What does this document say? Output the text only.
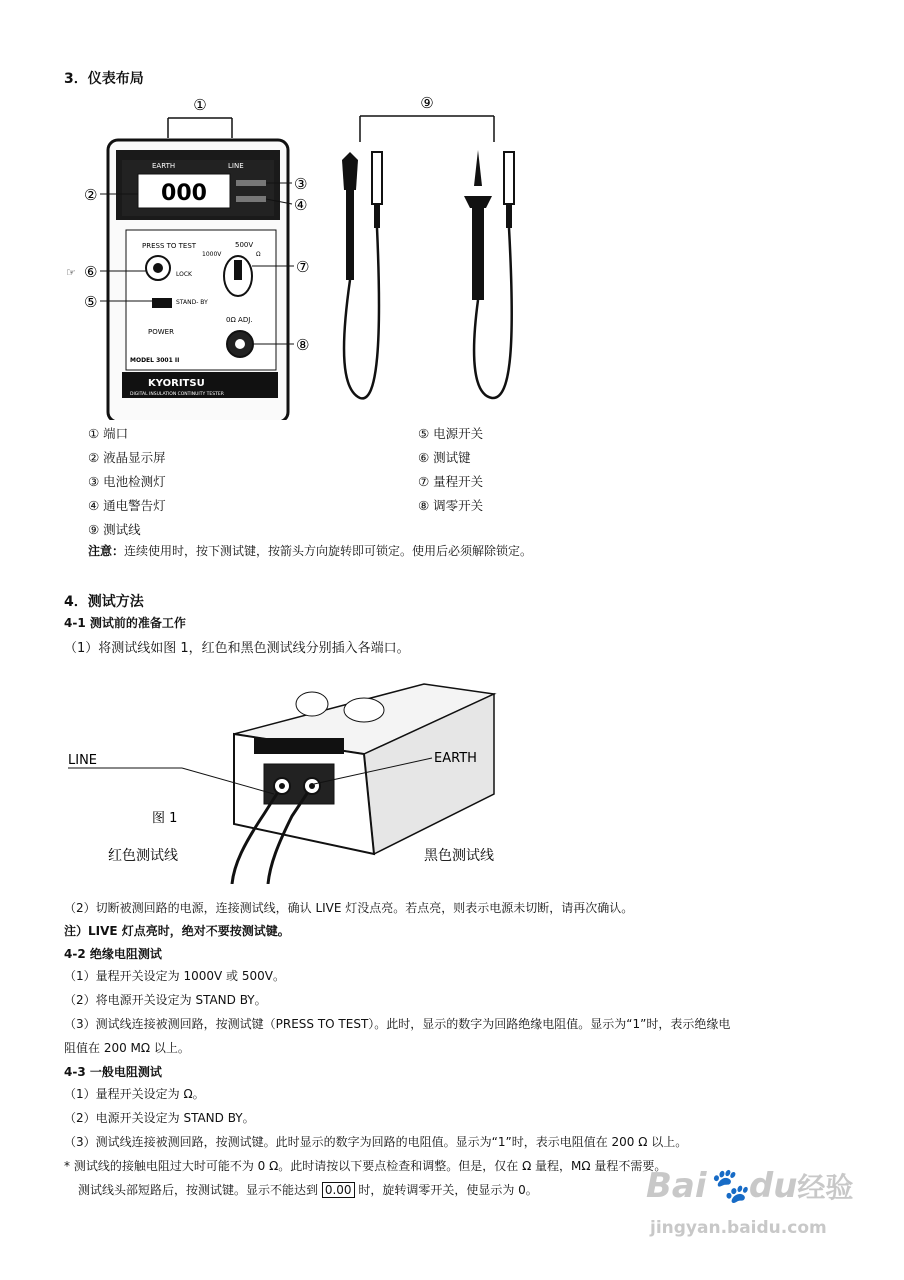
3．仪表布局
①
EARTH	LINE
000
PRESS TO TEST
LOCK
STAND- BY
POWER
500V
1000V	Ω
0Ω ADJ.
MODEL 3001 II
KYORITSU
DIGITAL INSULATION CONTINUITY TESTER
②
☞ ⑥
⑤
③
④
⑦
⑧
⑨
① 端口
② 液晶显示屏
③ 电池检测灯
④ 通电警告灯
⑨ 测试线
⑤ 电源开关
⑥ 测试键
⑦ 量程开关
⑧ 调零开关
注意：连续使用时，按下测试键，按箭头方向旋转即可锁定。使用后必须解除锁定。
4．测试方法
4-1 测试前的准备工作
（1）将测试线如图 1，红色和黑色测试线分别插入各端口。
LINE	EARTH
图 1
红色测试线	黑色测试线
（2）切断被测回路的电源，连接测试线，确认 LIVE 灯没点亮。若点亮，则表示电源未切断，请再次确认。
注）LIVE 灯点亮时，绝对不要按测试键。
4-2 绝缘电阻测试
（1）量程开关设定为 1000V 或 500V。
（2）将电源开关设定为 STAND BY。
（3）测试线连接被测回路，按测试键（PRESS TO TEST）。此时，显示的数字为回路绝缘电阻值。显示为“1”时，表示绝缘电
阻值在 200 MΩ 以上。
4-3 一般电阻测试
（1）量程开关设定为 Ω。
（2）电源开关设定为 STAND BY。
（3）测试线连接被测回路，按测试键。此时显示的数字为回路的电阻值。显示为“1”时，表示电阻值在 200 Ω 以上。
* 测试线的接触电阻过大时可能不为 0 Ω。此时请按以下要点检查和调整。但是，仅在 Ω 量程，MΩ 量程不需要。
测试线头部短路后，按测试键。显示不能达到 0.00 时，旋转调零开关，使显示为 0。	Bai🐾du经验
jingyan.baidu.com
